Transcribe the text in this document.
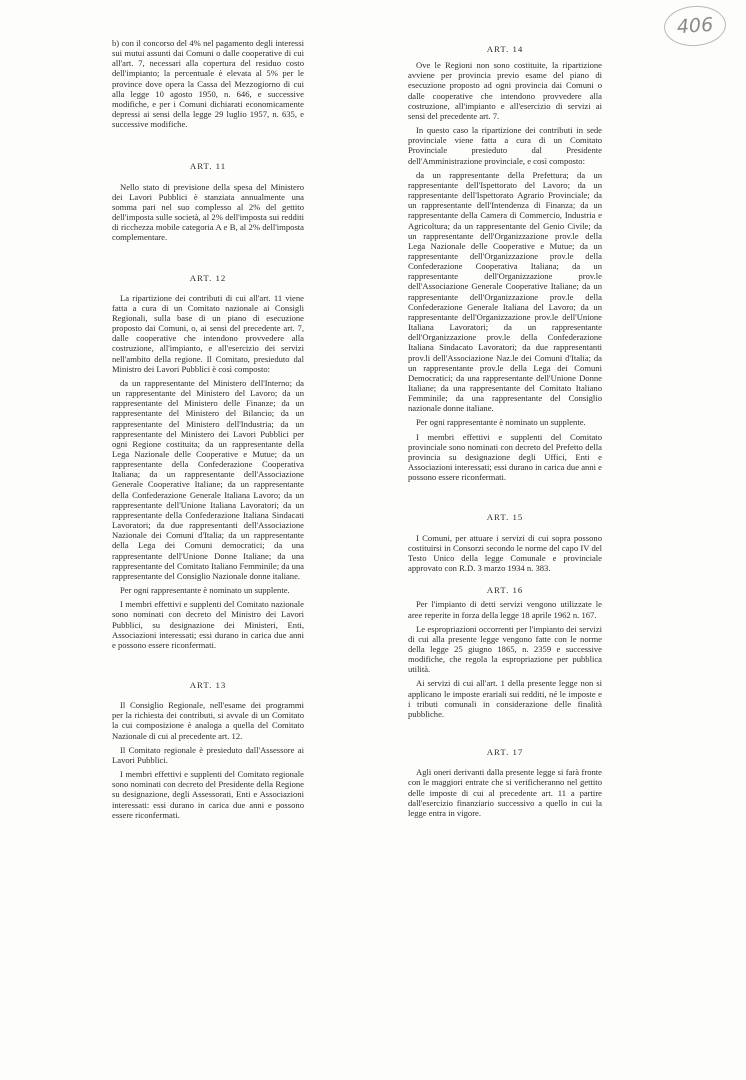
406

b) con il concorso del 4% nel pagamento degli interessi sui mutui assunti dai Comuni o dalle cooperative di cui all'art. 7, necessari alla copertura del residuo costo dell'impianto; la percentuale è elevata al 5% per le province dove opera la Cassa del Mezzogiorno di cui alla legge 10 agosto 1950, n. 646, e successive modifiche, e per i Comuni dichiarati economicamente depressi ai sensi della legge 29 luglio 1957, n. 635, e successive modifiche.

ART. 11

Nello stato di previsione della spesa del Ministero dei Lavori Pubblici è stanziata annualmente una somma pari nel suo complesso al 2% del gettito dell'imposta sulle società, al 2% dell'imposta sui redditi di ricchezza mobile categoria A e B, al 2% dell'imposta complementare.

ART. 12

La ripartizione dei contributi di cui all'art. 11 viene fatta a cura di un Comitato nazionale ai Consigli Regionali, sulla base di un piano di esecuzione proposto dai Comuni, o, ai sensi del precedente art. 7, dalle cooperative che intendono provvedere alla costruzione, all'impianto, e all'esercizio dei servizi nell'ambito della regione. Il Comitato, presieduto dal Ministro dei Lavori Pubblici è così composto:

da un rappresentante del Ministero dell'Interno; da un rappresentante del Ministero del Lavoro; da un rappresentante del Ministero delle Finanze; da un rappresentante del Ministero del Bilancio; da un rappresentante del Ministero dell'Industria; da un rappresentante del Ministero dei Lavori Pubblici per ogni Regione costituita; da un rappresentante della Lega Nazionale delle Cooperative e Mutue; da un rappresentante della Confederazione Cooperativa Italiana; da un rappresentante dell'Associazione Generale Cooperative Italiane; da un rappresentante della Confederazione Generale Italiana Lavoro; da un rappresentante dell'Unione Italiana Lavoratori; da un rappresentante della Confederazione Italiana Sindacati Lavoratori; da due rappresentanti dell'Associazione Nazionale dei Comuni d'Italia; da un rappresentante della Lega dei Comuni democratici; da una rappresentante dell'Unione Donne Italiane; da una rappresentante del Comitato Italiano Femminile; da una rappresentante del Consiglio Nazionale donne italiane.

Per ogni rappresentante è nominato un supplente.

I membri effettivi e supplenti del Comitato nazionale sono nominati con decreto del Ministro dei Lavori Pubblici, su designazione dei Ministeri, Enti, Associazioni interessati; essi durano in carica due anni e possono essere riconfermati.

ART. 13

Il Consiglio Regionale, nell'esame dei programmi per la richiesta dei contributi, si avvale di un Comitato la cui composizione è analoga a quella del Comitato Nazionale di cui al precedente art. 12.

Il Comitato regionale è presieduto dall'Assessore ai Lavori Pubblici.

I membri effettivi e supplenti del Comitato regionale sono nominati con decreto del Presidente della Regione su designazione, degli Assessorati, Enti e Associazioni interessati: essi durano in carica due anni e possono essere riconfermati.

ART. 14

Ove le Regioni non sono costituite, la ripartizione avviene per provincia previo esame del piano di esecuzione proposto ad ogni provincia dai Comuni o dalle cooperative che intendono provvedere alla costruzione, all'impianto e all'esercizio di servizi ai sensi del precedente art. 7.

In questo caso la ripartizione dei contributi in sede provinciale viene fatta a cura di un Comitato Provinciale presieduto dal Presidente dell'Amministrazione provinciale, e così composto:

da un rappresentante della Prefettura; da un rappresentante dell'Ispettorato del Lavoro; da un rappresentante dell'Ispettorato Agrario Provinciale; da un rappresentante dell'Intendenza di Finanza; da un rappresentante della Camera di Commercio, Industria e Agricoltura; da un rappresentante del Genio Civile; da un rappresentante dell'Organizzazione prov.le della Lega Nazionale delle Cooperative e Mutue; da un rappresentante dell'Organizzazione prov.le della Confederazione Cooperativa Italiana; da un rappresentante dell'Organizzazione prov.le dell'Associazione Generale Cooperative Italiane; da un rappresentante dell'Organizzazione prov.le della Confederazione Generale Italiana del Lavoro; da un rappresentante dell'Organizzazione prov.le dell'Unione Italiana Lavoratori; da un rappresentante dell'Organizzazione prov.le della Confederazione Italiana Sindacato Lavoratori; da due rappresentanti prov.li dell'Associazione Naz.le dei Comuni d'Italia; da un rappresentante prov.le della Lega dei Comuni Democratici; da una rappresentante dell'Unione Donne Italiane; da una rappresentante del Comitato Italiano Femminile; da una rappresentante del Consiglio nazionale donne italiane.

Per ogni rappresentante è nominato un supplente.

I membri effettivi e supplenti del Comitato provinciale sono nominati con decreto del Prefetto della provincia su designazione degli Uffici, Enti e Associazioni interessati; essi durano in carica due anni e possono essere riconfermati.

ART. 15

I Comuni, per attuare i servizi di cui sopra possono costituirsi in Consorzi secondo le norme del capo IV del Testo Unico della legge Comunale e provinciale approvato con R.D. 3 marzo 1934 n. 383.

ART. 16

Per l'impianto di detti servizi vengono utilizzate le aree reperite in forza della legge 18 aprile 1962 n. 167.

Le espropriazioni occorrenti per l'impianto dei servizi di cui alla presente legge vengono fatte con le norme della legge 25 giugno 1865, n. 2359 e successive modifiche, che regola la espropriazione per pubblica utilità.

Ai servizi di cui all'art. 1 della presente legge non si applicano le imposte erariali sui redditi, né le imposte e i tributi comunali in considerazione delle finalità pubbliche.

ART. 17

Agli oneri derivanti dalla presente legge si farà fronte con le maggiori entrate che si verificheranno nel gettito delle imposte di cui al precedente art. 11 a partire dall'esercizio finanziario successivo a quello in cui la legge entra in vigore.
